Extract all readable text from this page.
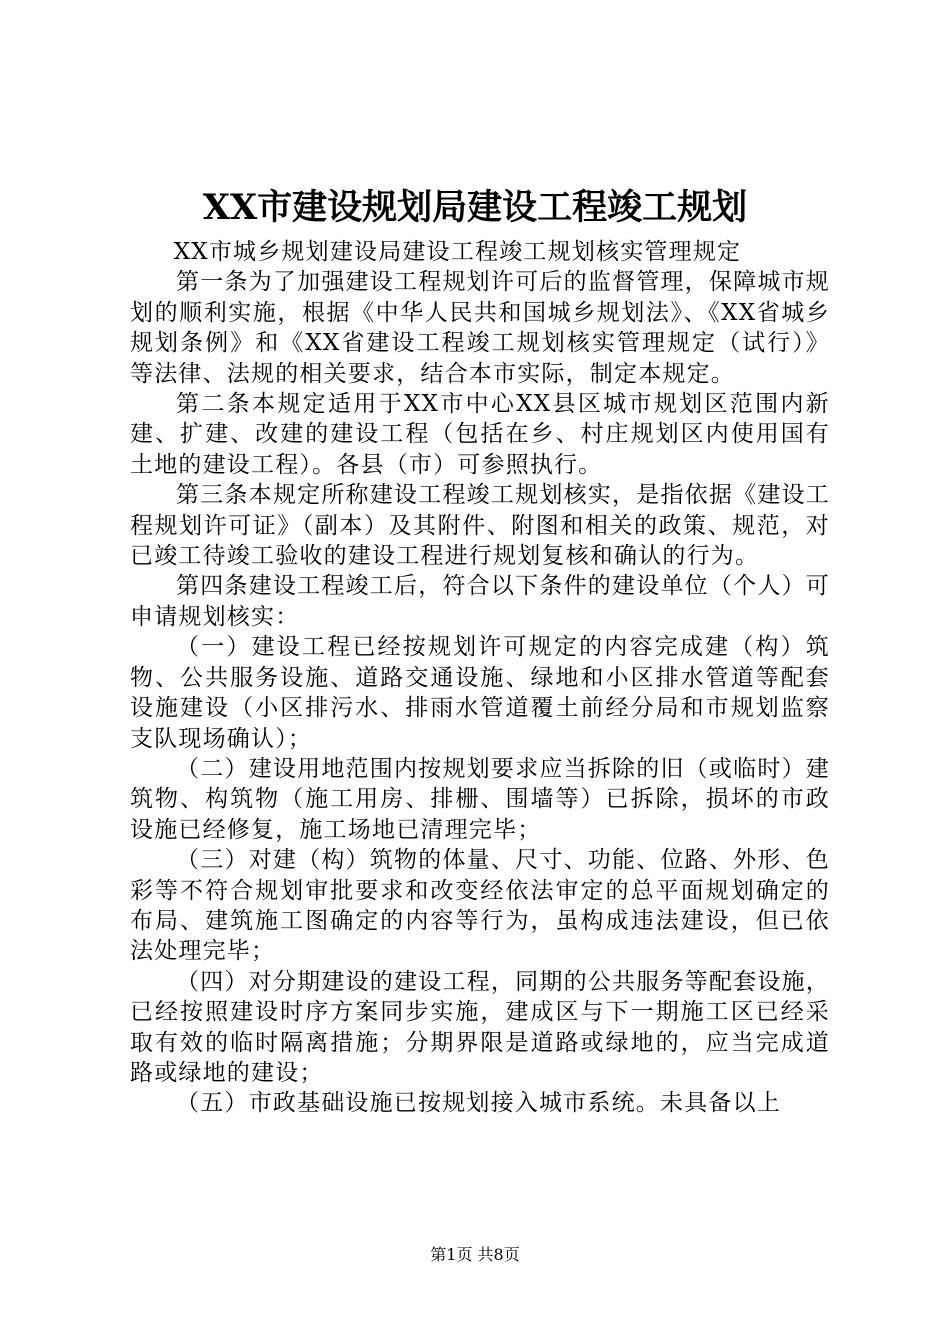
XX市建设规划局建设工程竣工规划

XX市城乡规划建设局建设工程竣工规划核实管理规定

第一条为了加强建设工程规划许可后的监督管理，保障城市规划的顺利实施，根据《中华人民共和国城乡规划法》、《XX省城乡规划条例》和《XX省建设工程竣工规划核实管理规定（试行）》等法律、法规的相关要求，结合本市实际，制定本规定。

第二条本规定适用于XX市中心XX县区城市规划区范围内新建、扩建、改建的建设工程（包括在乡、村庄规划区内使用国有土地的建设工程）。各县（市）可参照执行。

第三条本规定所称建设工程竣工规划核实，是指依据《建设工程规划许可证》（副本）及其附件、附图和相关的政策、规范，对已竣工待竣工验收的建设工程进行规划复核和确认的行为。

第四条建设工程竣工后，符合以下条件的建设单位（个人）可申请规划核实：

（一）建设工程已经按规划许可规定的内容完成建（构）筑物、公共服务设施、道路交通设施、绿地和小区排水管道等配套设施建设（小区排污水、排雨水管道覆土前经分局和市规划监察支队现场确认）；

（二）建设用地范围内按规划要求应当拆除的旧（或临时）建筑物、构筑物（施工用房、排栅、围墙等）已拆除，损坏的市政设施已经修复，施工场地已清理完毕；

（三）对建（构）筑物的体量、尺寸、功能、位路、外形、色彩等不符合规划审批要求和改变经依法审定的总平面规划确定的布局、建筑施工图确定的内容等行为，虽构成违法建设，但已依法处理完毕；

（四）对分期建设的建设工程，同期的公共服务等配套设施，已经按照建设时序方案同步实施，建成区与下一期施工区已经采取有效的临时隔离措施；分期界限是道路或绿地的，应当完成道路或绿地的建设；

（五）市政基础设施已按规划接入城市系统。未具备以上

第1页 共8页
